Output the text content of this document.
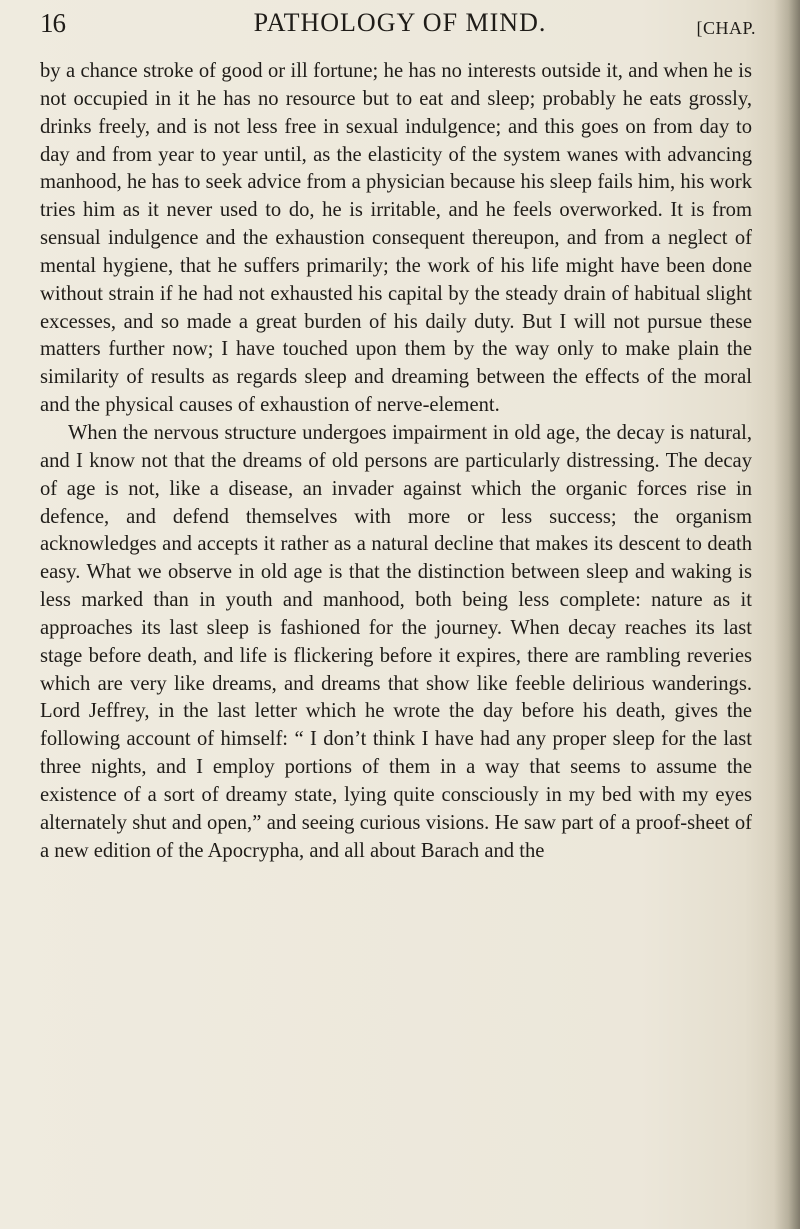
16	PATHOLOGY OF MIND.	[CHAP.

by a chance stroke of good or ill fortune; he has no interests outside it, and when he is not occupied in it he has no resource but to eat and sleep; probably he eats grossly, drinks freely, and is not less free in sexual indulgence; and this goes on from day to day and from year to year until, as the elasticity of the system wanes with advancing manhood, he has to seek advice from a physician because his sleep fails him, his work tries him as it never used to do, he is irritable, and he feels overworked. It is from sensual indulgence and the exhaustion consequent thereupon, and from a neglect of mental hygiene, that he suffers primarily; the work of his life might have been done without strain if he had not exhausted his capital by the steady drain of habitual slight excesses, and so made a great burden of his daily duty. But I will not pursue these matters further now; I have touched upon them by the way only to make plain the similarity of results as regards sleep and dreaming between the effects of the moral and the physical causes of exhaustion of nerve-element.

When the nervous structure undergoes impairment in old age, the decay is natural, and I know not that the dreams of old persons are particularly distressing. The decay of age is not, like a disease, an invader against which the organic forces rise in defence, and defend themselves with more or less success; the organism acknowledges and accepts it rather as a natural decline that makes its descent to death easy. What we observe in old age is that the distinction between sleep and waking is less marked than in youth and manhood, both being less complete: nature as it approaches its last sleep is fashioned for the journey. When decay reaches its last stage before death, and life is flickering before it expires, there are rambling reveries which are very like dreams, and dreams that show like feeble delirious wanderings. Lord Jeffrey, in the last letter which he wrote the day before his death, gives the following account of himself: “ I don’t think I have had any proper sleep for the last three nights, and I employ portions of them in a way that seems to assume the existence of a sort of dreamy state, lying quite consciously in my bed with my eyes alternately shut and open,” and seeing curious visions. He saw part of a proof-sheet of a new edition of the Apocrypha, and all about Barach and the
